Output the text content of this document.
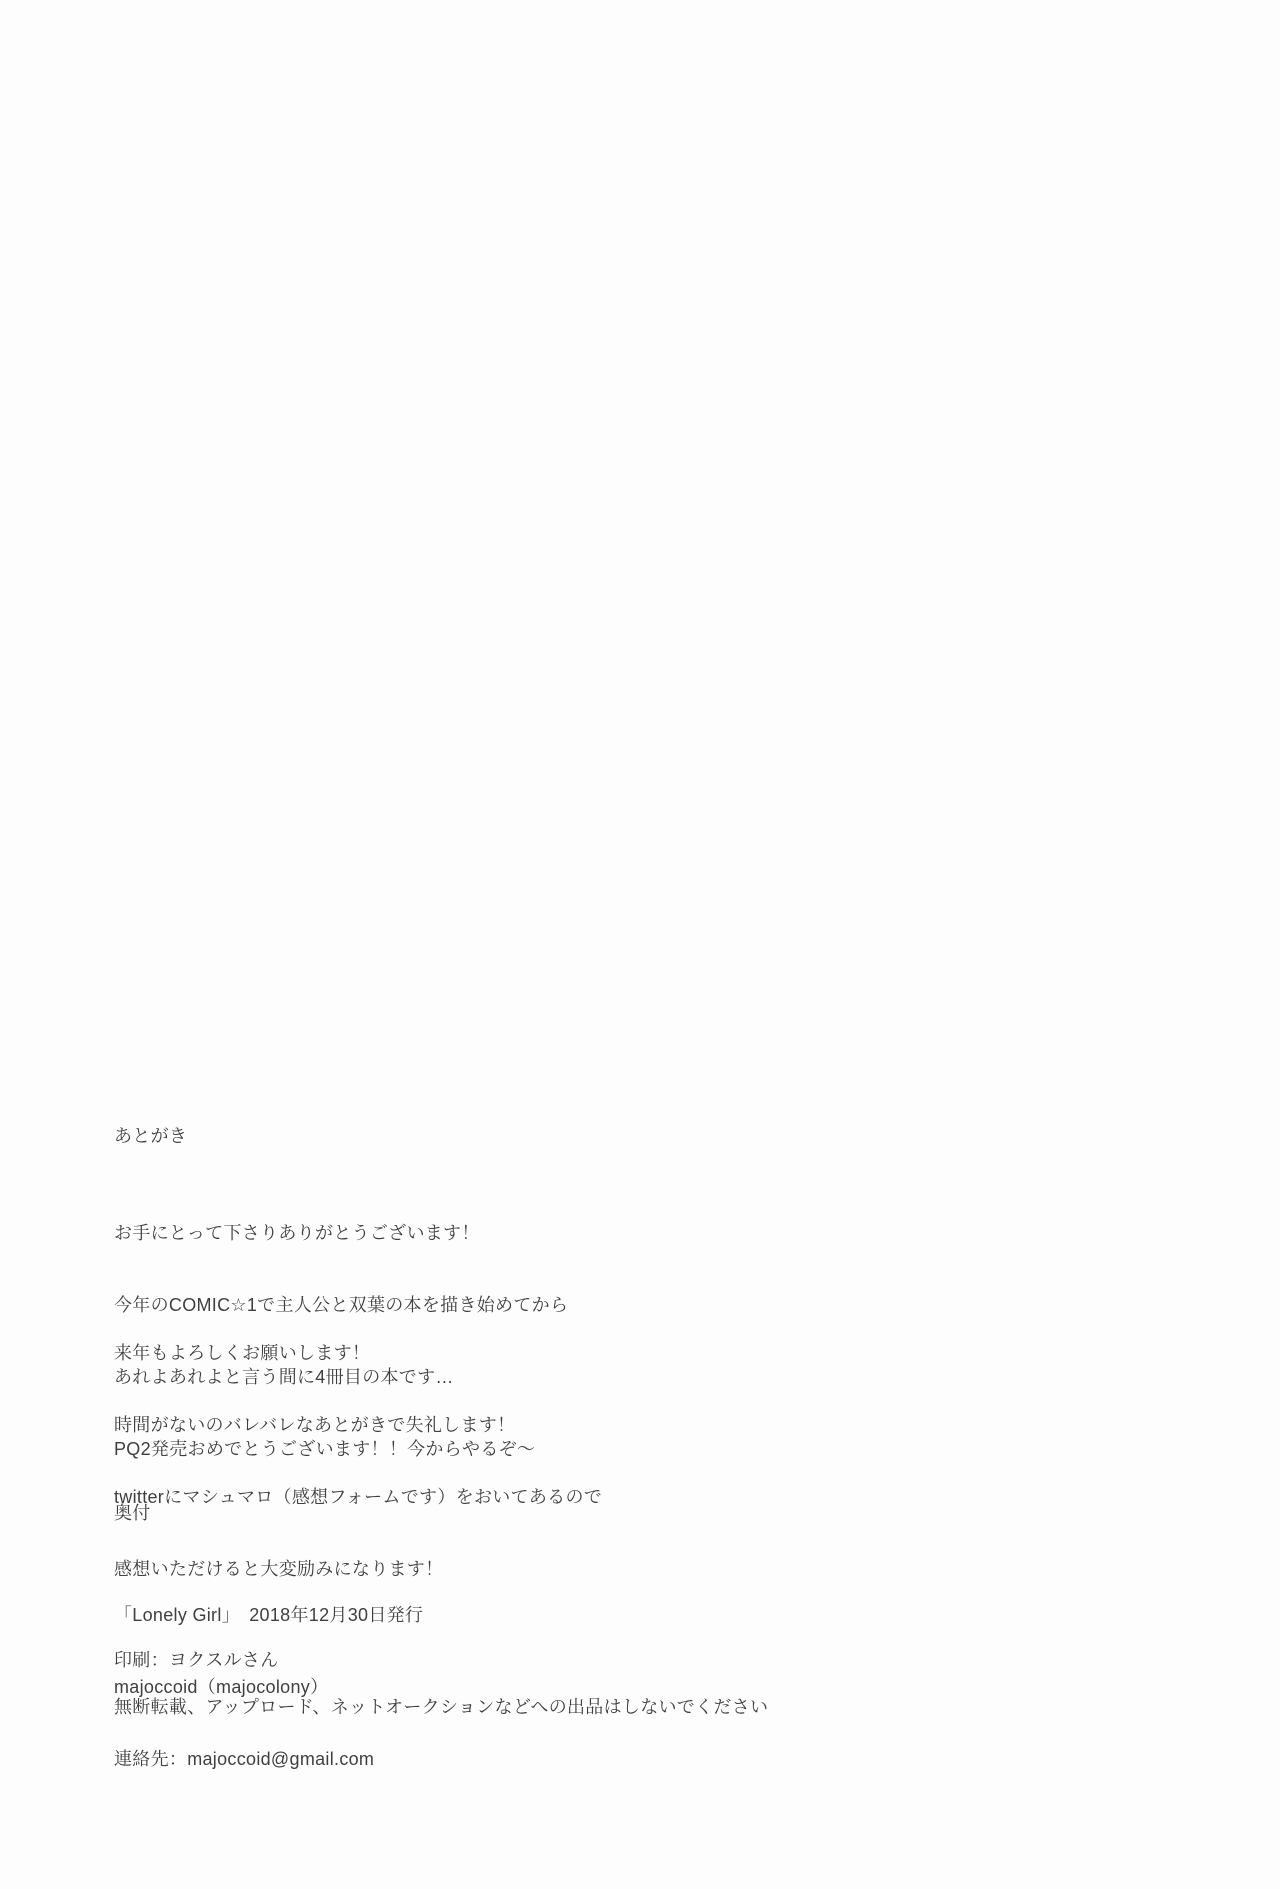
あとがき

お手にとって下さりありがとうございます！

今年のCOMIC☆1で主人公と双葉の本を描き始めてから

あれよあれよと言う間に4冊目の本です…

PQ2発売おめでとうございます！！今からやるぞ～

来年もよろしくお願いします！

時間がないのバレバレなあとがきで失礼します！

twitterにマシュマロ（感想フォームです）をおいてあるので

感想いただけると大変励みになります！

奥付

「Lonely Girl」　2018年12月30日発行

majoccoid（majocolony）

連絡先：majoccoid@gmail.com

印刷：ヨクスルさん
無断転載、アップロード、ネットオークションなどへの出品はしないでください
